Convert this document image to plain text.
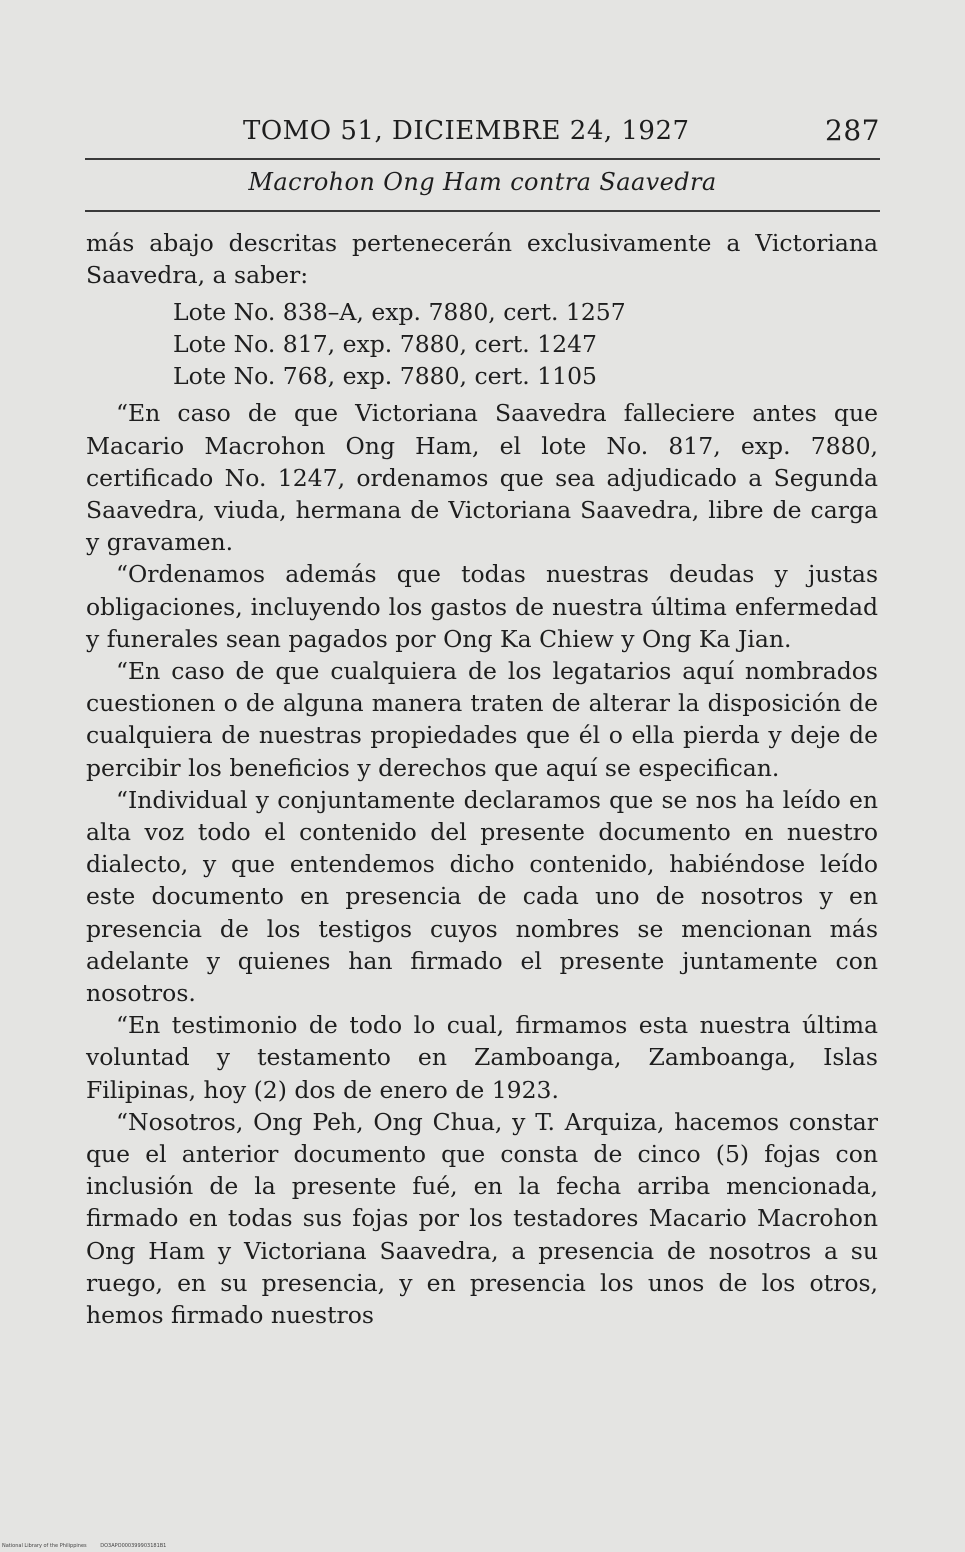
TOMO 51, DICIEMBRE 24, 1927	287
Macrohon Ong Ham contra Saavedra

más abajo descritas pertenecerán exclusivamente a Victoriana Saavedra, a saber:

Lote No. 838–A, exp. 7880, cert. 1257
Lote No. 817, exp. 7880, cert. 1247
Lote No. 768, exp. 7880, cert. 1105

“En caso de que Victoriana Saavedra falleciere antes que Macario Macrohon Ong Ham, el lote No. 817, exp. 7880, certificado No. 1247, ordenamos que sea adjudicado a Segunda Saavedra, viuda, hermana de Victoriana Saavedra, libre de carga y gravamen.

“Ordenamos además que todas nuestras deudas y justas obligaciones, incluyendo los gastos de nuestra última enfermedad y funerales sean pagados por Ong Ka Chiew y Ong Ka Jian.

“En caso de que cualquiera de los legatarios aquí nombrados cuestionen o de alguna manera traten de alterar la disposición de cualquiera de nuestras propiedades que él o ella pierda y deje de percibir los beneficios y derechos que aquí se especifican.

“Individual y conjuntamente declaramos que se nos ha leído en alta voz todo el contenido del presente documento en nuestro dialecto, y que entendemos dicho contenido, habiéndose leído este documento en presencia de cada uno de nosotros y en presencia de los testigos cuyos nombres se mencionan más adelante y quienes han firmado el presente juntamente con nosotros.

“En testimonio de todo lo cual, firmamos esta nuestra última voluntad y testamento en Zamboanga, Zamboanga, Islas Filipinas, hoy (2) dos de enero de 1923.

“Nosotros, Ong Peh, Ong Chua, y T. Arquiza, hacemos constar que el anterior documento que consta de cinco (5) fojas con inclusión de la presente fué, en la fecha arriba mencionada, firmado en todas sus fojas por los testadores Macario Macrohon Ong Ham y Victoriana Saavedra, a presencia de nosotros a su ruego, en su presencia, y en presencia los unos de los otros, hemos firmado nuestros

National Library of the Philippines	DO3APO000399903181B1
